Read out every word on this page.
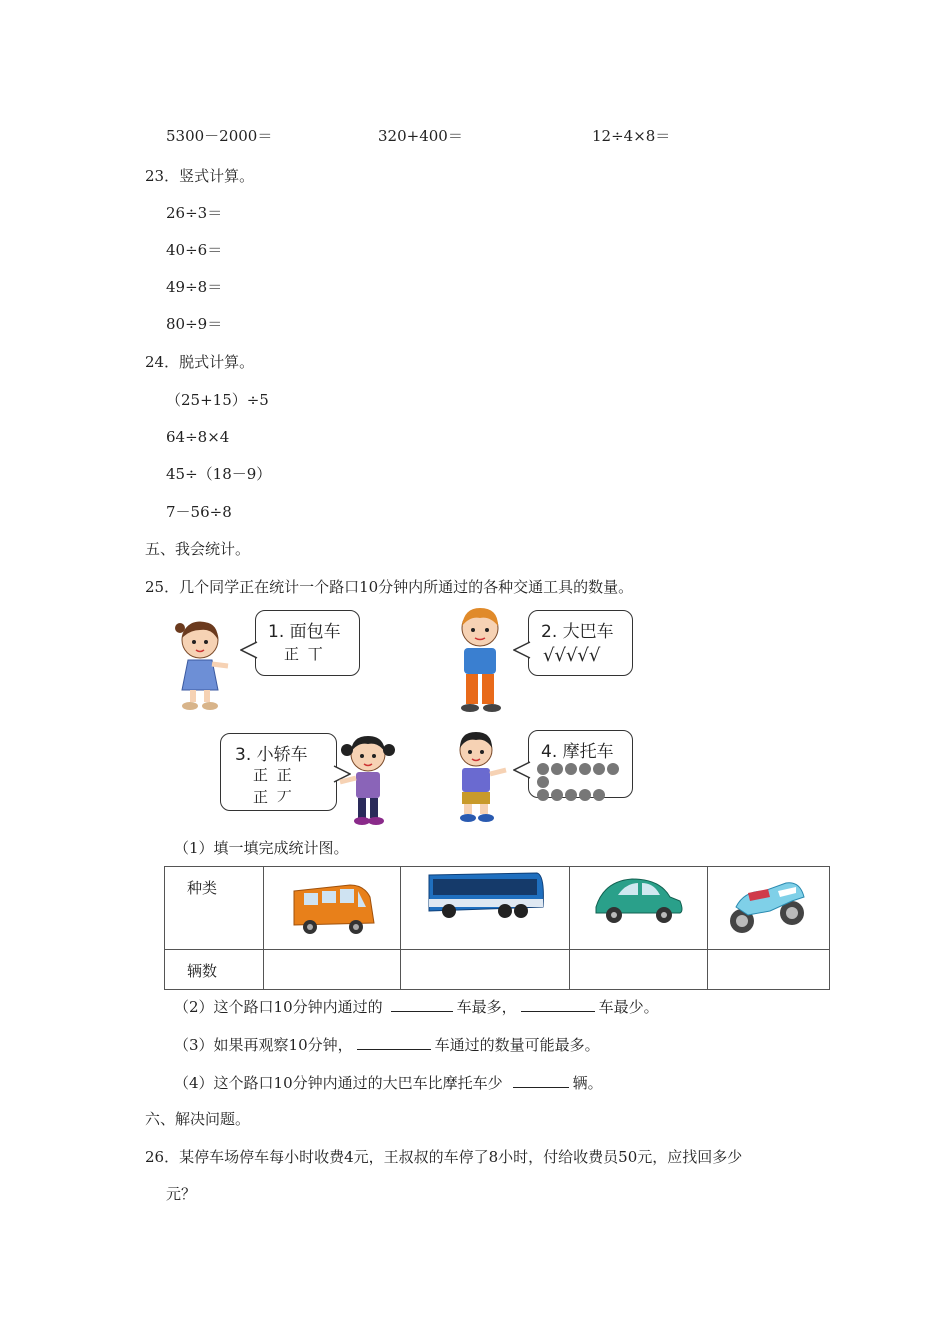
5300－2000＝	320+400＝	12÷4×8＝
23．竖式计算。
26÷3＝
40÷6＝
49÷8＝
80÷9＝
24．脱式计算。
（25+15）÷5
64÷8×4
45÷（18－9）
7－56÷8
五、我会统计。
25．几个同学正在统计一个路口10分钟内所通过的各种交通工具的数量。
1. 面包车
正 丅
2. 大巴车
√√√√√
3. 小轿车
正 正
正 丆
4. 摩托车

（1）填一填完成统计图。
种类				
辆数				
（2）这个路口10分钟内通过的	车最多，	车最少。
（3）如果再观察10分钟，	车通过的数量可能最多。
（4）这个路口10分钟内通过的大巴车比摩托车少	辆。
六、解决问题。
26．某停车场停车每小时收费4元，王叔叔的车停了8小时，付给收费员50元，应找回多少
元？
